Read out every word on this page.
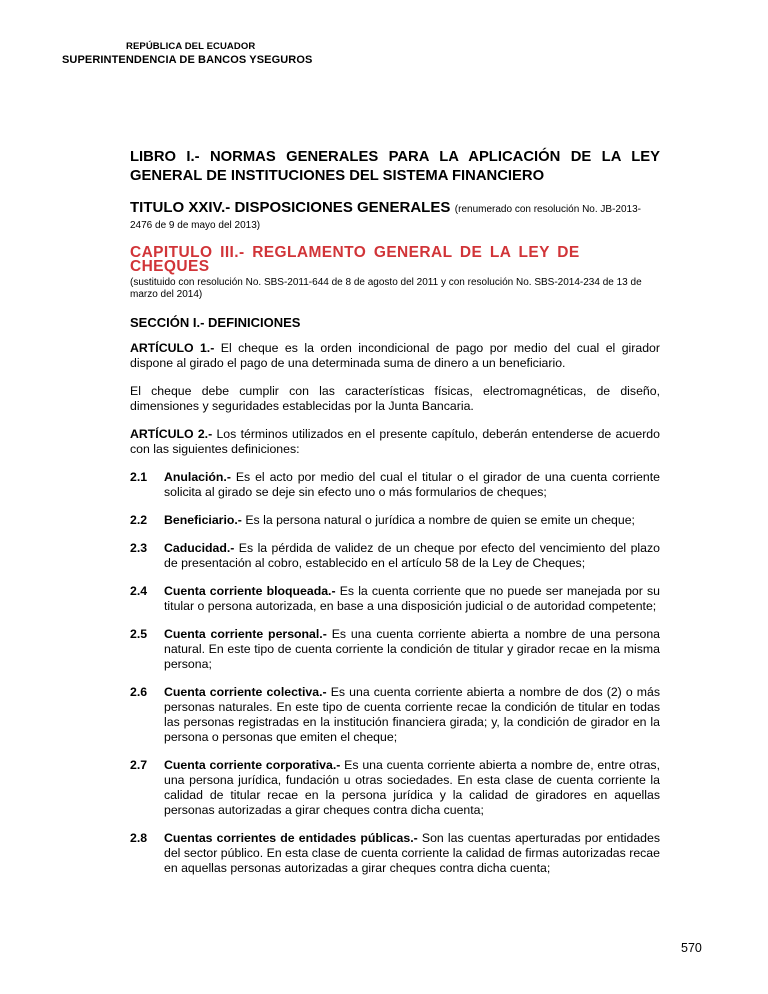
REPÚBLICA DEL ECUADOR
SUPERINTENDENCIA DE BANCOS YSEGUROS
LIBRO I.- NORMAS GENERALES PARA LA APLICACIÓN DE LA LEY GENERAL DE INSTITUCIONES DEL SISTEMA FINANCIERO
TITULO XXIV.- DISPOSICIONES GENERALES (renumerado con resolución No. JB-2013- 2476 de 9 de mayo del 2013)
CAPITULO III.- REGLAMENTO GENERAL DE LA LEY DE CHEQUES
(sustituido con resolución No. SBS-2011-644 de 8 de agosto del 2011 y con resolución No. SBS-2014-234 de 13 de marzo del 2014)
SECCIÓN I.- DEFINICIONES

ARTÍCULO 1.- El cheque es la orden incondicional de pago por medio del cual el girador dispone al girado el pago de una determinada suma de dinero a un beneficiario.

El cheque debe cumplir con las características físicas, electromagnéticas, de diseño, dimensiones y seguridades establecidas por la Junta Bancaria.

ARTÍCULO 2.- Los términos utilizados en el presente capítulo, deberán entenderse de acuerdo con las siguientes definiciones:

2.1	Anulación.- Es el acto por medio del cual el titular o el girador de una cuenta corriente solicita al girado se deje sin efecto uno o más formularios de cheques;
2.2	Beneficiario.- Es la persona natural o jurídica a nombre de quien se emite un cheque;
2.3	Caducidad.- Es la pérdida de validez de un cheque por efecto del vencimiento del plazo de presentación al cobro, establecido en el artículo 58 de la Ley de Cheques;
2.4	Cuenta corriente bloqueada.- Es la cuenta corriente que no puede ser manejada por su titular o persona autorizada, en base a una disposición judicial o de autoridad competente;
2.5	Cuenta corriente personal.- Es una cuenta corriente abierta a nombre de una persona natural. En este tipo de cuenta corriente la condición de titular y girador recae en la misma persona;
2.6	Cuenta corriente colectiva.- Es una cuenta corriente abierta a nombre de dos (2) o más personas naturales. En este tipo de cuenta corriente recae la condición de titular en todas las personas registradas en la institución financiera girada; y, la condición de girador en la persona o personas que emiten el cheque;
2.7	Cuenta corriente corporativa.- Es una cuenta corriente abierta a nombre de, entre otras, una persona jurídica, fundación u otras sociedades. En esta clase de cuenta corriente la calidad de titular recae en la persona jurídica y la calidad de giradores en aquellas personas autorizadas a girar cheques contra dicha cuenta;
2.8	Cuentas corrientes de entidades públicas.- Son las cuentas aperturadas por entidades del sector público. En esta clase de cuenta corriente la calidad de firmas autorizadas recae en aquellas personas autorizadas a girar cheques contra dicha cuenta;
570
